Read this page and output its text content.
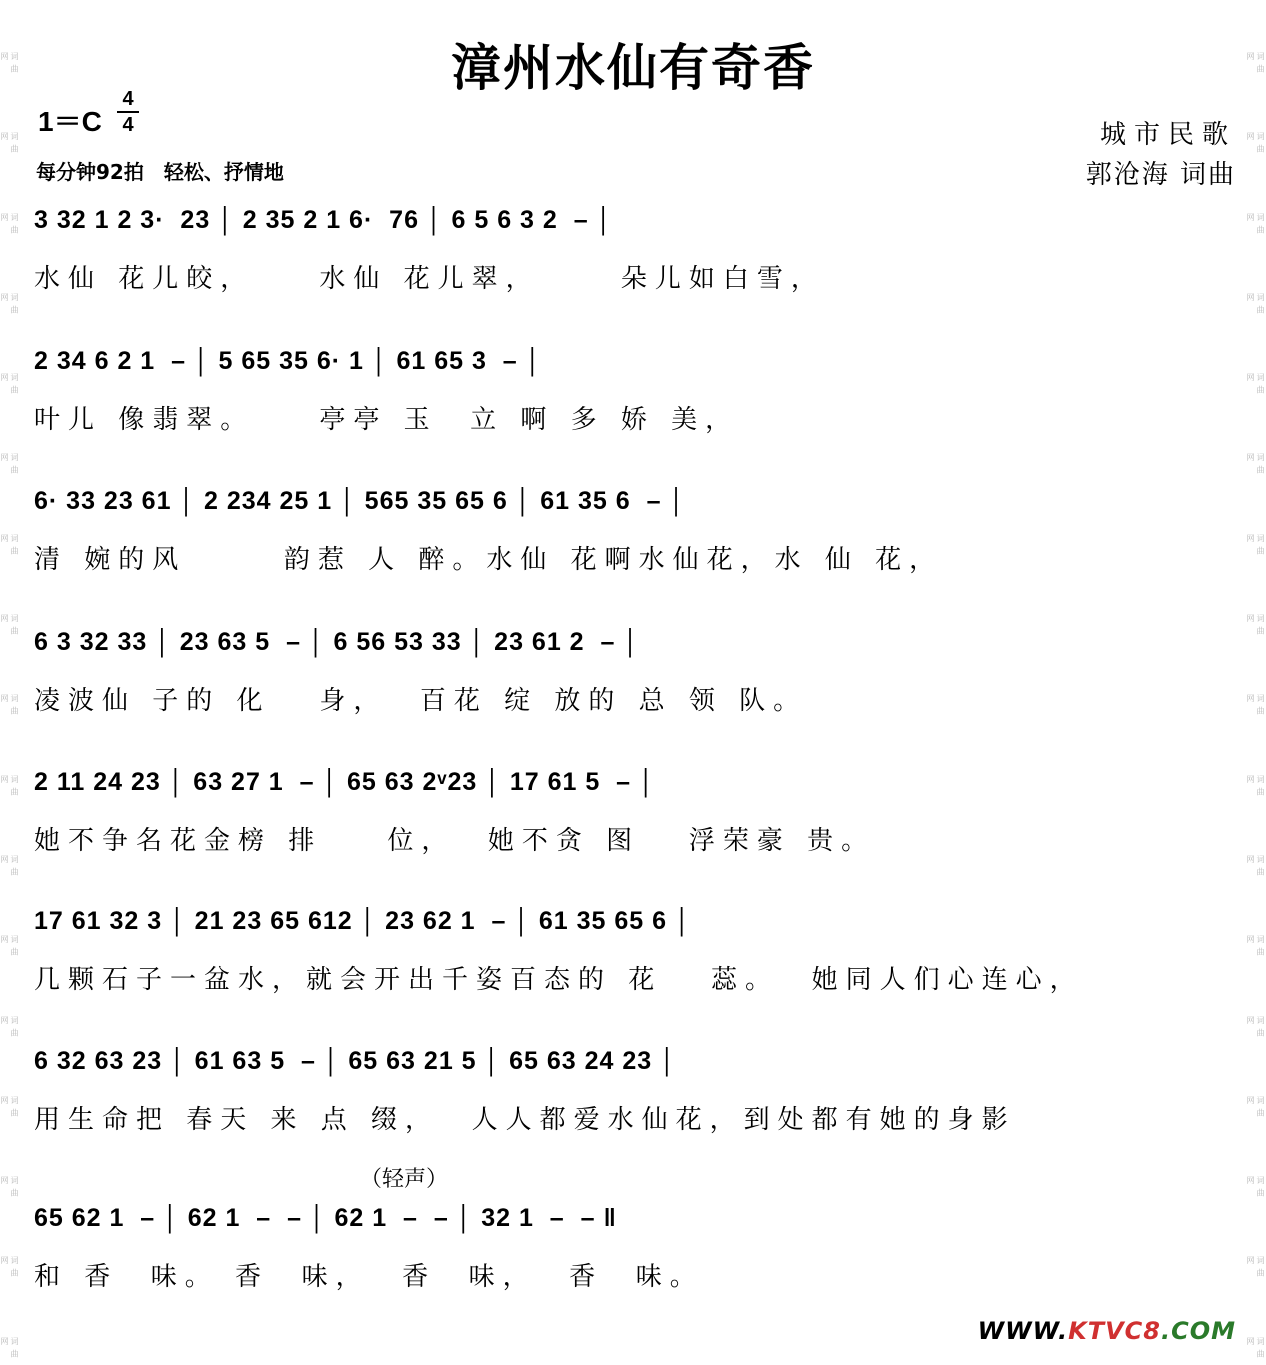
词 曲 网
词 曲 网
词 曲 网
词 曲 网
词 曲 网
词 曲 网
词 曲 网
词 曲 网
词 曲 网
词 曲 网
词 曲 网
词 曲 网
词 曲 网
词 曲 网
词 曲 网
词 曲 网
词 曲 网
词 曲 网
词 曲 网
词 曲 网
词 曲 网
词 曲 网
词 曲 网
词 曲 网
词 曲 网
词 曲 网
词 曲 网
词 曲 网
词 曲 网
词 曲 网
词 曲 网
词 曲 网
词 曲 网
词 曲 网
漳州水仙有奇香
1＝C
4
4
每分钟92拍　轻松、抒情地
城市民歌
郭沧海 词曲
3 32 1 2 3·  23 │ 2 35 2 1 6·  76 │ 6 5 6 3 2  – │
水仙 花儿皎，    水仙 花儿翠，     朵儿如白雪，
2 34 6 2 1  – │ 5 65 35 6· 1 │ 61 65 3  – │
叶儿 像翡翠。    亭亭 玉  立 啊 多 娇 美，
6· 33 23 61 │ 2 234 25 1 │ 565 35 65 6 │ 61 35 6  – │
清 婉的风      韵惹 人 醉。水仙 花啊水仙花，水 仙 花，
6 3 32 33 │ 23 63 5  – │ 6 56 53 33 │ 23 61 2  – │
凌波仙 子的 化   身，  百花 绽 放的 总 领 队。
2 11 24 23 │ 63 27 1  – │ 65 63 2ᵛ23 │ 17 61 5  – │
她不争名花金榜 排    位，  她不贪 图   浮荣豪 贵。
17 61 32 3 │ 21 23 65 612 │ 23 62 1  – │ 61 35 65 6 │
几颗石子一盆水，就会开出千姿百态的 花   蕊。  她同人们心连心，
6 32 63 23 │ 61 63 5  – │ 65 63 21 5 │ 65 63 24 23 │
用生命把 春天 来 点 缀，  人人都爱水仙花，到处都有她的身影
（轻声）
65 62 1  – │ 62 1  –  – │ 62 1  –  – │ 32 1  –  – ‖
和 香  味。 香  味，  香  味，  香  味。
WWW.KTVC8.COM
